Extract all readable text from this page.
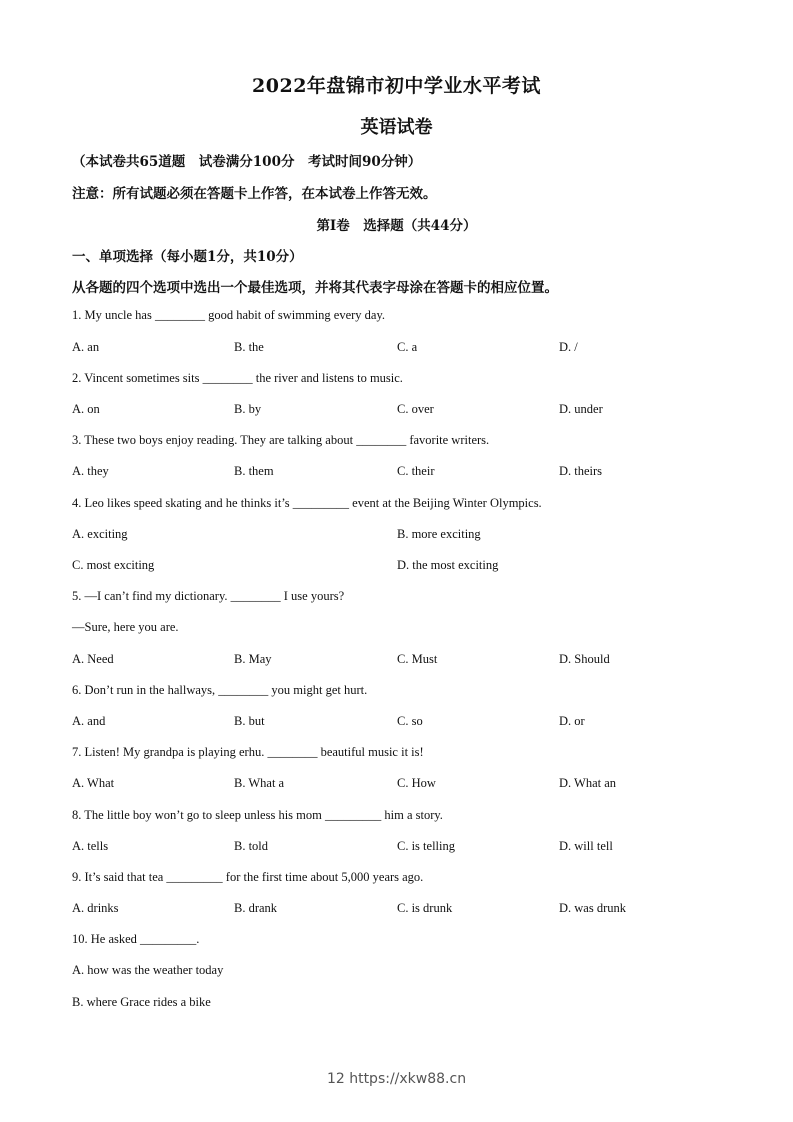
2022年盘锦市初中学业水平考试
英语试卷
（本试卷共65道题　试卷满分100分　考试时间90分钟）
注意：所有试题必须在答题卡上作答，在本试卷上作答无效。
第Ⅰ卷　选择题（共44分）
一、单项选择（每小题1分，共10分）
从各题的四个选项中选出一个最佳选项，并将其代表字母涂在答题卡的相应位置。
1. My uncle has ________ good habit of swimming every day.
A. an	B. the	C. a	D. /
2. Vincent sometimes sits ________ the river and listens to music.
A. on	B. by	C. over	D. under
3. These two boys enjoy reading. They are talking about ________ favorite writers.
A. they	B. them	C. their	D. theirs
4. Leo likes speed skating and he thinks it’s _________ event at the Beijing Winter Olympics.
A. exciting	B. more exciting
C. most exciting	D. the most exciting
5. —I can’t find my dictionary. ________ I use yours?
—Sure, here you are.
A. Need	B. May	C. Must	D. Should
6. Don’t run in the hallways, ________ you might get hurt.
A. and	B. but	C. so	D. or
7. Listen! My grandpa is playing erhu. ________ beautiful music it is!
A. What	B. What a	C. How	D. What an
8. The little boy won’t go to sleep unless his mom _________ him a story.
A. tells	B. told	C. is telling	D. will tell
9. It’s said that tea _________ for the first time about 5,000 years ago.
A. drinks	B. drank	C. is drunk	D. was drunk
10. He asked _________.
A. how was the weather today
B. where Grace rides a bike
12 https://xkw88.cn
